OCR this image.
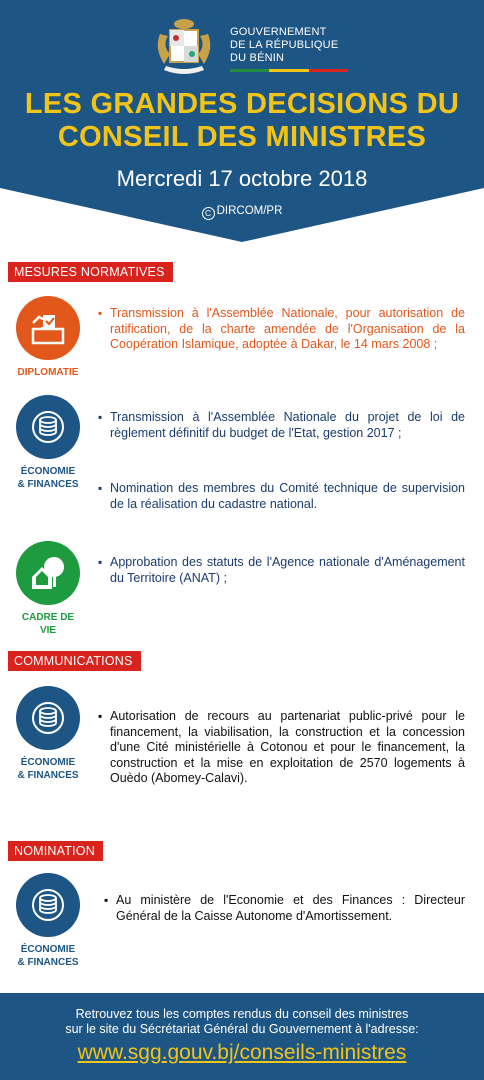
GOUVERNEMENT
DE LA RÉPUBLIQUE
DU BÉNIN
LES GRANDES DECISIONS DU
CONSEIL DES MINISTRES
Mercredi 17 octobre 2018
C DIRCOM/PR
MESURES NORMATIVES
DIPLOMATIE
▪ Transmission à l'Assemblée Nationale, pour autorisation de ratification, de la charte amendée de l'Organisation de la Coopération Islamique, adoptée à Dakar, le 14 mars 2008 ;
ÉCONOMIE
& FINANCES
▪ Transmission à l'Assemblée Nationale du projet de loi de règlement définitif du budget de l'Etat, gestion 2017 ;
▪ Nomination des membres du Comité technique de supervision de la réalisation du cadastre national.
CADRE DE
VIE
▪ Approbation des statuts de l'Agence nationale d'Aménagement du Territoire (ANAT) ;
COMMUNICATIONS
ÉCONOMIE
& FINANCES
▪ Autorisation de recours au partenariat public-privé pour le financement, la viabilisation, la construction et la concession d'une Cité ministérielle à Cotonou et pour le financement, la construction et la mise en exploitation de 2570 logements à Ouèdo (Abomey-Calavi).
NOMINATION
ÉCONOMIE
& FINANCES
▪ Au ministère de l'Economie et des Finances : Directeur Général de la Caisse Autonome d'Amortissement.
Retrouvez tous les comptes rendus du conseil des ministres
sur le site du Sécrétariat Général du Gouvernement à l'adresse:
www.sgg.gouv.bj/conseils-ministres
